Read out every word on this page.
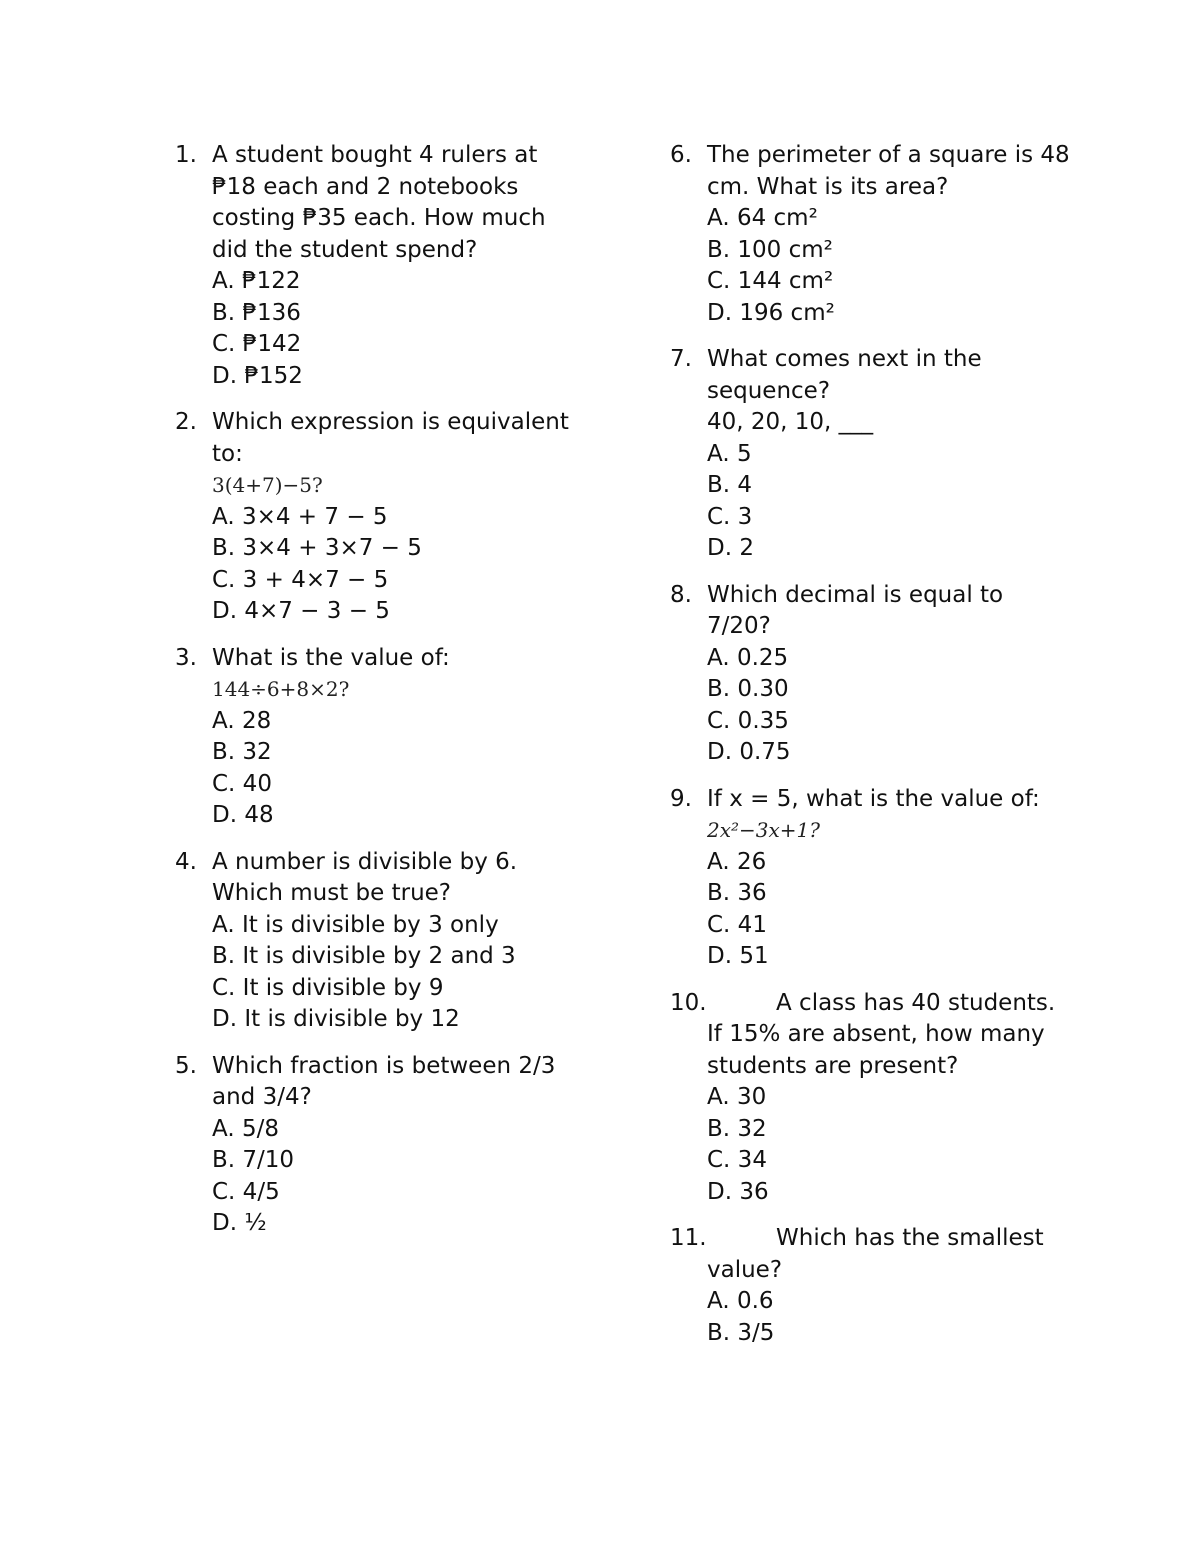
1. A student bought 4 rulers at ₱18 each and 2 notebooks costing ₱35 each. How much did the student spend?
A. ₱122
B. ₱136
C. ₱142
D. ₱152
2. Which expression is equivalent to:
3(4+7)−5?
A. 3×4 + 7 − 5
B. 3×4 + 3×7 − 5
C. 3 + 4×7 − 5
D. 4×7 − 3 − 5
3. What is the value of:
144÷6+8×2?
A. 28
B. 32
C. 40
D. 48
4. A number is divisible by 6. Which must be true?
A. It is divisible by 3 only
B. It is divisible by 2 and 3
C. It is divisible by 9
D. It is divisible by 12
5. Which fraction is between 2/3 and 3/4?
A. 5/8
B. 7/10
C. 4/5
D. ½
6. The perimeter of a square is 48 cm. What is its area?
A. 64 cm²
B. 100 cm²
C. 144 cm²
D. 196 cm²
7. What comes next in the sequence?
40, 20, 10, ___
A. 5
B. 4
C. 3
D. 2
8. Which decimal is equal to 7/20?
A. 0.25
B. 0.30
C. 0.35
D. 0.75
9. If x = 5, what is the value of:
2x²−3x+1?
A. 26
B. 36
C. 41
D. 51
10.	A class has 40 students. If 15% are absent, how many students are present?
A. 30
B. 32
C. 34
D. 36
11.	Which has the smallest value?
A. 0.6
B. 3/5
